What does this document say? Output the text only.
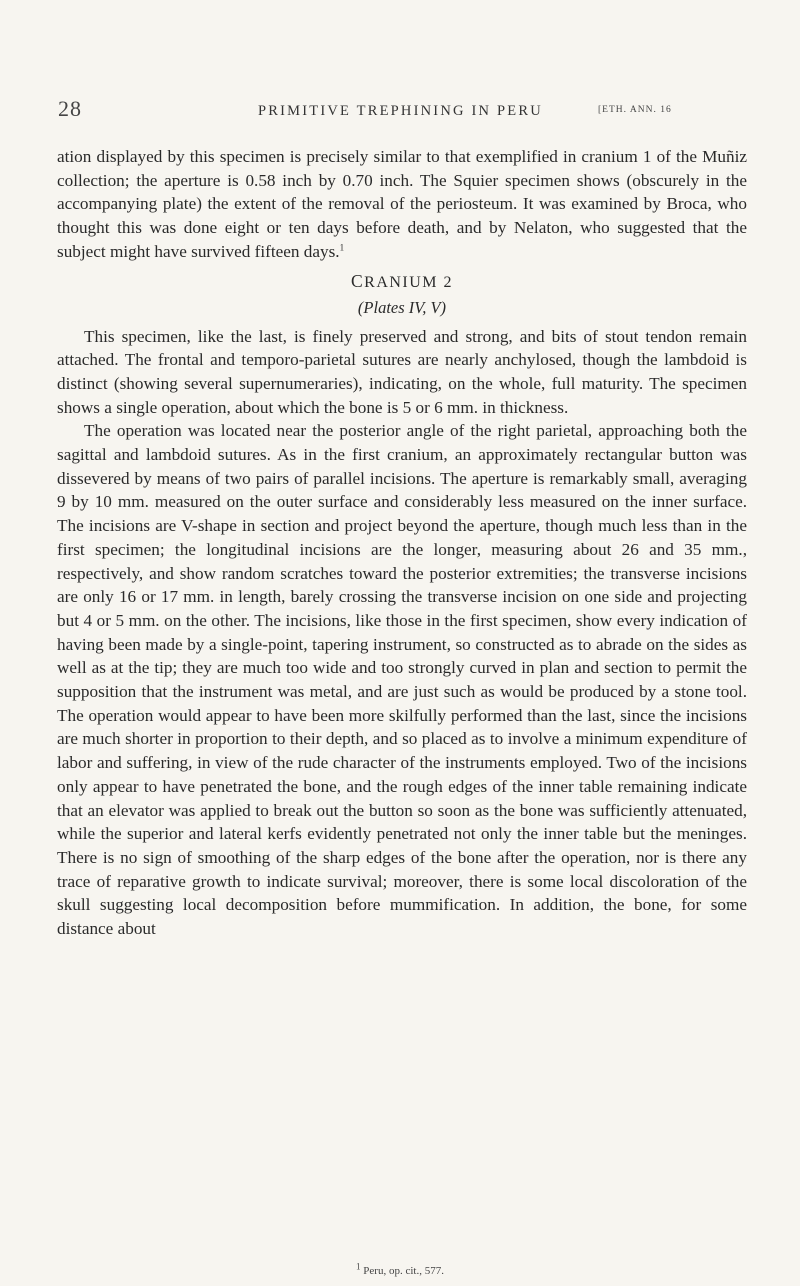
28	PRIMITIVE TREPHINING IN PERU	[ETH. ANN. 16

ation displayed by this specimen is precisely similar to that exemplified in cranium 1 of the Muñiz collection; the aperture is 0.58 inch by 0.70 inch. The Squier specimen shows (obscurely in the accompanying plate) the extent of the removal of the periosteum. It was examined by Broca, who thought this was done eight or ten days before death, and by Nelaton, who suggested that the subject might have survived fifteen days.$^1$

CRANIUM 2
(Plates IV, V)

This specimen, like the last, is finely preserved and strong, and bits of stout tendon remain attached. The frontal and temporo-parietal sutures are nearly anchylosed, though the lambdoid is distinct (showing several supernumeraries), indicating, on the whole, full maturity. The specimen shows a single operation, about which the bone is 5 or 6 mm. in thickness.

The operation was located near the posterior angle of the right parietal, approaching both the sagittal and lambdoid sutures. As in the first cranium, an approximately rectangular button was dissevered by means of two pairs of parallel incisions. The aperture is remarkably small, averaging 9 by 10 mm. measured on the outer surface and considerably less measured on the inner surface. The incisions are V-shape in section and project beyond the aperture, though much less than in the first specimen; the longitudinal incisions are the longer, measuring about 26 and 35 mm., respectively, and show random scratches toward the posterior extremities; the transverse incisions are only 16 or 17 mm. in length, barely crossing the transverse incision on one side and projecting but 4 or 5 mm. on the other. The incisions, like those in the first specimen, show every indication of having been made by a single-point, tapering instrument, so constructed as to abrade on the sides as well as at the tip; they are much too wide and too strongly curved in plan and section to permit the supposition that the instrument was metal, and are just such as would be produced by a stone tool. The operation would appear to have been more skilfully performed than the last, since the incisions are much shorter in proportion to their depth, and so placed as to involve a minimum expenditure of labor and suffering, in view of the rude character of the instruments employed. Two of the incisions only appear to have penetrated the bone, and the rough edges of the inner table remaining indicate that an elevator was applied to break out the button so soon as the bone was sufficiently attenuated, while the superior and lateral kerfs evidently penetrated not only the inner table but the meninges. There is no sign of smoothing of the sharp edges of the bone after the operation, nor is there any trace of reparative growth to indicate survival; moreover, there is some local discoloration of the skull suggesting local decomposition before mummification. In addition, the bone, for some distance about

$^1$ Peru, op. cit., 577.
